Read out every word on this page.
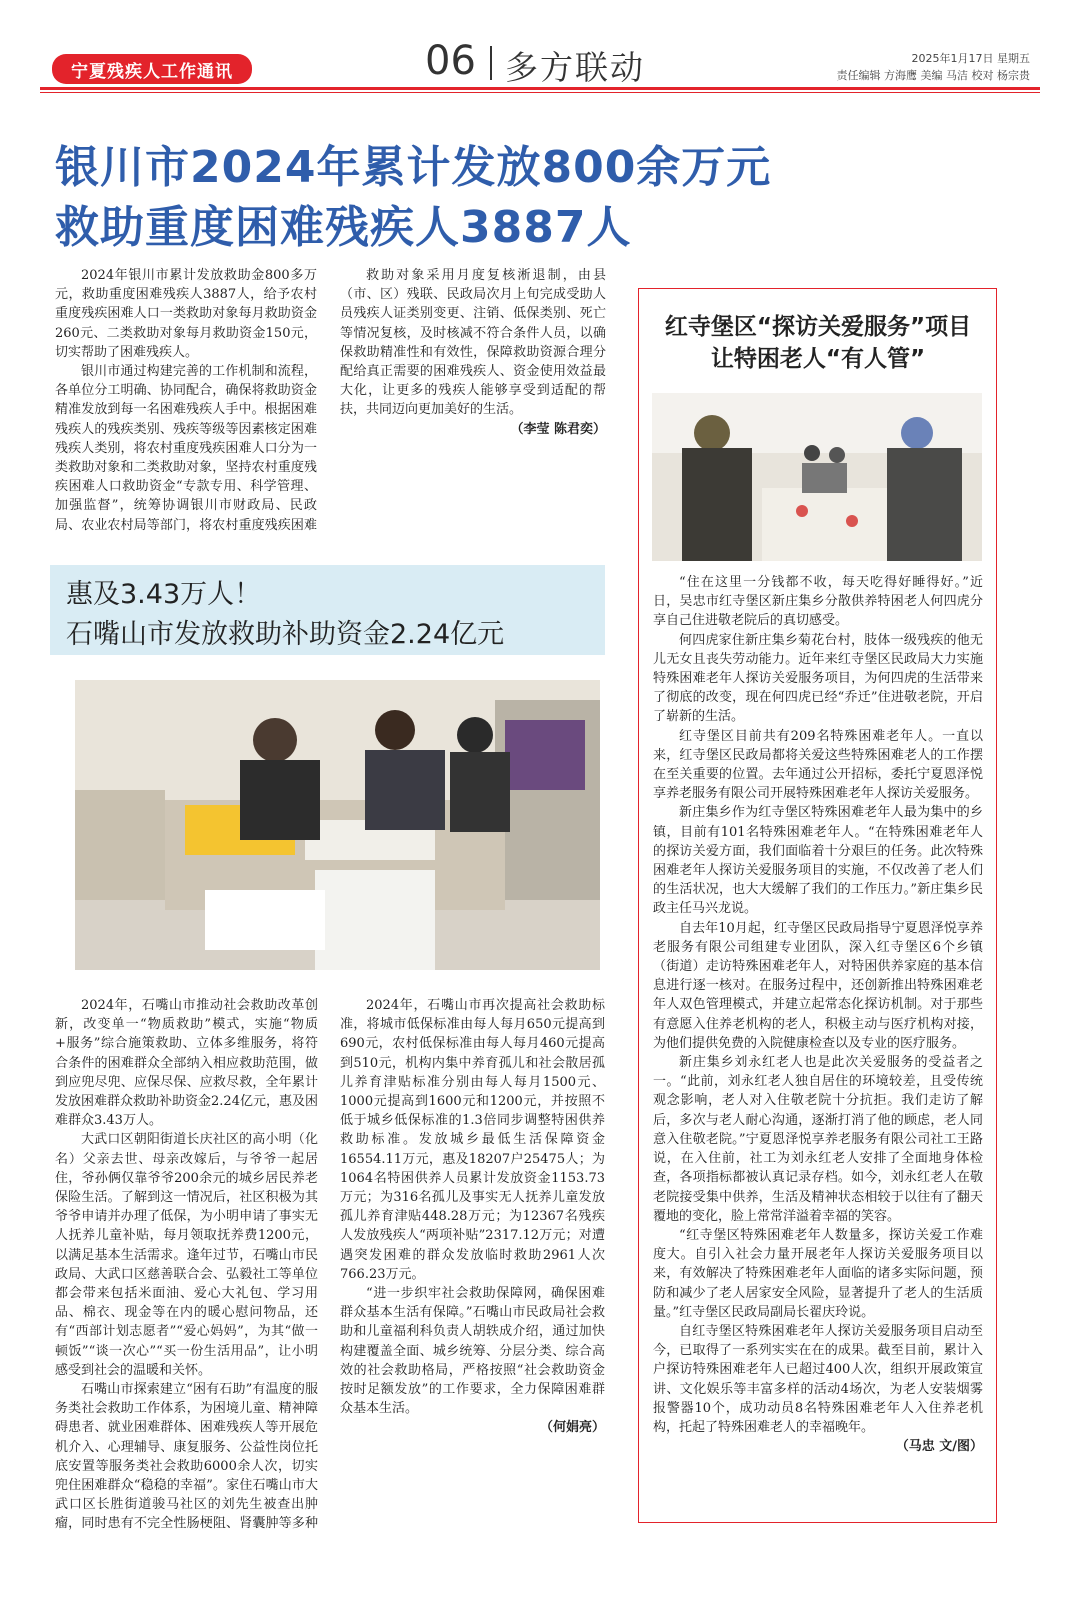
宁夏残疾人工作通讯	06 多方联动	2025年1月17日 星期五
责任编辑 方海鹰 美编 马洁 校对 杨宗贵
银川市2024年累计发放800余万元
救助重度困难残疾人3887人

2024年银川市累计发放救助金800多万元，救助重度困难残疾人3887人，给予农村重度残疾困难人口一类救助对象每月救助资金260元、二类救助对象每月救助资金150元，切实帮助了困难残疾人。

银川市通过构建完善的工作机制和流程，各单位分工明确、协同配合，确保将救助资金精准发放到每一名困难残疾人手中。根据困难残疾人的残疾类别、残疾等级等因素核定困难残疾人类别，将农村重度残疾困难人口分为一类救助对象和二类救助对象，坚持农村重度残疾困难人口救助资金“专款专用、科学管理、加强监督”，统筹协调银川市财政局、民政局、农业农村局等部门，将农村重度残疾困难

救助对象采用月度复核淅退制，由县（市、区）残联、民政局次月上旬完成受助人员残疾人证类别变更、注销、低保类别、死亡等情况复核，及时核减不符合条件人员，以确保救助精准性和有效性，保障救助资源合理分配给真正需要的困难残疾人、资金使用效益最大化，让更多的残疾人能够享受到适配的帮扶，共同迈向更加美好的生活。

（李莹 陈君奕）
惠及3.43万人！
石嘴山市发放救助补助资金2.24亿元

2024年，石嘴山市推动社会救助改革创新，改变单一“物质救助”模式，实施“物质+服务”综合施策救助、立体多维服务，将符合条件的困难群众全部纳入相应救助范围，做到应兜尽兜、应保尽保、应救尽救，全年累计发放困难群众救助补助资金2.24亿元，惠及困难群众3.43万人。

大武口区朝阳街道长庆社区的高小明（化名）父亲去世、母亲改嫁后，与爷爷一起居住，爷孙俩仅靠爷爷200余元的城乡居民养老保险生活。了解到这一情况后，社区积极为其爷爷申请并办理了低保，为小明申请了事实无人抚养儿童补贴，每月领取抚养费1200元，以满足基本生活需求。逢年过节，石嘴山市民政局、大武口区慈善联合会、弘毅社工等单位都会带来包括米面油、爱心大礼包、学习用品、棉衣、现金等在内的暖心慰问物品，还有“西部计划志愿者”“爱心妈妈”，为其“做一顿饭”“谈一次心”“买一份生活用品”，让小明感受到社会的温暖和关怀。

石嘴山市探索建立“困有石助”有温度的服务类社会救助工作体系，为困境儿童、精神障碍患者、就业困难群体、困难残疾人等开展危机介入、心理辅导、康复服务、公益性岗位托底安置等服务类社会救助6000余人次，切实兜住困难群众“稳稳的幸福”。家住石嘴山市大武口区长胜街道骏马社区的刘先生被查出肿瘤，同时患有不完全性肠梗阻、肾囊肿等多种

2024年，石嘴山市再次提高社会救助标准，将城市低保标准由每人每月650元提高到690元，农村低保标准由每人每月460元提高到510元，机构内集中养育孤儿和社会散居孤儿养育津贴标准分别由每人每月1500元、1000元提高到1600元和1200元，并按照不低于城乡低保标准的1.3倍同步调整特困供养救助标准。发放城乡最低生活保障资金16554.11万元，惠及18207户25475人；为1064名特困供养人员累计发放资金1153.73万元；为316名孤儿及事实无人抚养儿童发放孤儿养育津贴448.28万元；为12367名残疾人发放残疾人“两项补贴”2317.12万元；对遭遇突发困难的群众发放临时救助2961人次766.23万元。

“进一步织牢社会救助保障网，确保困难群众基本生活有保障。”石嘴山市民政局社会救助和儿童福利科负责人胡轶成介绍，通过加快构建覆盖全面、城乡统筹、分层分类、综合高效的社会救助格局，严格按照“社会救助资金按时足额发放”的工作要求，全力保障困难群众基本生活。

（何娟亮）
红寺堡区“探访关爱服务”项目
让特困老人“有人管”

“住在这里一分钱都不收，每天吃得好睡得好。”近日，吴忠市红寺堡区新庄集乡分散供养特困老人何四虎分享自己住进敬老院后的真切感受。

何四虎家住新庄集乡菊花台村，肢体一级残疾的他无儿无女且丧失劳动能力。近年来红寺堡区民政局大力实施特殊困难老年人探访关爱服务项目，为何四虎的生活带来了彻底的改变，现在何四虎已经“乔迁”住进敬老院，开启了崭新的生活。

红寺堡区目前共有209名特殊困难老年人。一直以来，红寺堡区民政局都将关爱这些特殊困难老人的工作摆在至关重要的位置。去年通过公开招标，委托宁夏恩泽悦享养老服务有限公司开展特殊困难老年人探访关爱服务。

新庄集乡作为红寺堡区特殊困难老年人最为集中的乡镇，目前有101名特殊困难老年人。“在特殊困难老年人的探访关爱方面，我们面临着十分艰巨的任务。此次特殊困难老年人探访关爱服务项目的实施，不仅改善了老人们的生活状况，也大大缓解了我们的工作压力。”新庄集乡民政主任马兴龙说。

自去年10月起，红寺堡区民政局指导宁夏恩泽悦享养老服务有限公司组建专业团队，深入红寺堡区6个乡镇（街道）走访特殊困难老年人，对特困供养家庭的基本信息进行逐一核对。在服务过程中，还创新推出特殊困难老年人双色管理模式，并建立起常态化探访机制。对于那些有意愿入住养老机构的老人，积极主动与医疗机构对接，为他们提供免费的入院健康检查以及专业的医疗服务。

新庄集乡刘永红老人也是此次关爱服务的受益者之一。“此前，刘永红老人独自居住的环境较差，且受传统观念影响，老人对入住敬老院十分抗拒。我们走访了解后，多次与老人耐心沟通，逐渐打消了他的顾虑，老人同意入住敬老院。”宁夏恩泽悦享养老服务有限公司社工王路说，在入住前，社工为刘永红老人安排了全面地身体检查，各项指标都被认真记录存档。如今，刘永红老人在敬老院接受集中供养，生活及精神状态相较于以往有了翻天覆地的变化，脸上常常洋溢着幸福的笑容。

“红寺堡区特殊困难老年人数量多，探访关爱工作难度大。自引入社会力量开展老年人探访关爱服务项目以来，有效解决了特殊困难老年人面临的诸多实际问题，预防和减少了老人居家安全风险，显著提升了老人的生活质量。”红寺堡区民政局副局长翟庆玲说。

自红寺堡区特殊困难老年人探访关爱服务项目启动至今，已取得了一系列实实在在的成果。截至目前，累计入户探访特殊困难老年人已超过400人次，组织开展政策宣讲、文化娱乐等丰富多样的活动4场次，为老人安装烟雾报警器10个，成功动员8名特殊困难老年人入住养老机构，托起了特殊困难老人的幸福晚年。

（马忠 文/图）
